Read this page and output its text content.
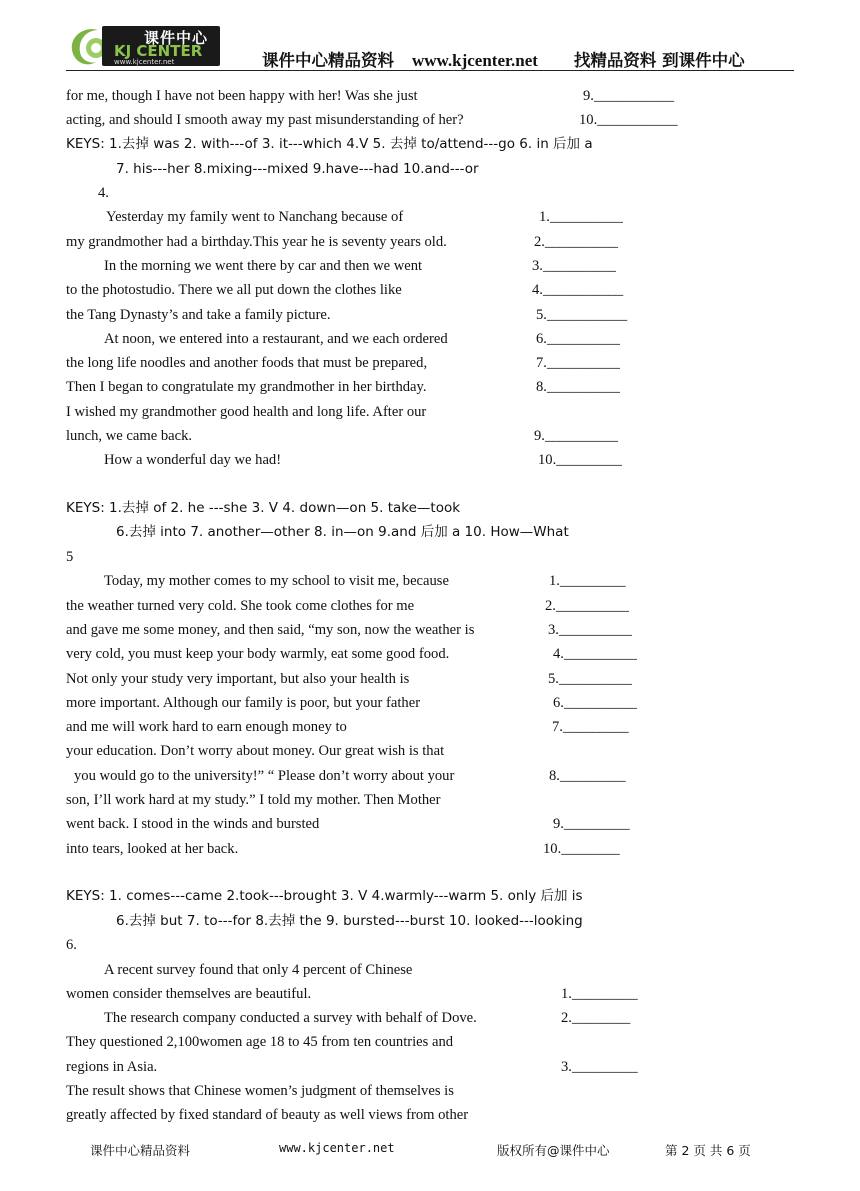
课件中心
KJ CENTER
www.kjcenter.net	课件中心精品资料 www.kjcenter.net 找精品资料 到课件中心
for me, though I have not been happy with her! Was she just	9.___________
acting, and should I smooth away my past misunderstanding of her?	10.___________
KEYS: 1.去掉 was 2. with---of 3. it---which 4.V 5. 去掉 to/attend---go 6. in 后加 a
7. his---her 8.mixing---mixed 9.have---had 10.and---or
4.
Yesterday my family went to Nanchang because of	1.__________
my grandmother had a birthday.This year he is seventy years old.	2.__________
In the morning we went there by car and then we went	3.__________
to the photostudio. There we all put down the clothes like	4.___________
the Tang Dynasty’s and take a family picture.	5.___________
At noon, we entered into a restaurant, and we each ordered	6.__________
the long life noodles and another foods that must be prepared,	7.__________
Then I began to congratulate my grandmother in her birthday.	8.__________
I wished my grandmother good health and long life. After our
lunch, we came back.	9.__________
How a wonderful day we had!	10._________
KEYS: 1.去掉 of 2. he ---she 3. V 4. down—on 5. take—took
6.去掉 into 7. another—other 8. in—on 9.and 后加 a 10. How—What
5
Today, my mother comes to my school to visit me, because	1._________
the weather turned very cold. She took come clothes for me	2.__________
and gave me some money, and then said, “my son, now the weather is	3.__________
very cold, you must keep your body warmly, eat some good food.	4.__________
Not only your study very important, but also your health is	5.__________
more important. Although our family is poor, but your father	6.__________
and me will work hard to earn enough money to	7._________
your education. Don’t worry about money. Our great wish is that
you would go to the university!” “ Please don’t worry about your	8._________
son, I’ll work hard at my study.” I told my mother. Then Mother
went back. I stood in the winds and bursted	9._________
into tears, looked at her back.	10.________
KEYS: 1. comes---came 2.took---brought 3. V 4.warmly---warm 5. only 后加 is
6.去掉 but 7. to---for 8.去掉 the 9. bursted---burst 10. looked---looking
6.
A recent survey found that only 4 percent of Chinese
women consider themselves are beautiful.	1._________
The research company conducted a survey with behalf of Dove.	2.________
They questioned 2,100women age 18 to 45 from ten countries and
regions in Asia.	3._________
The result shows that Chinese women’s judgment of themselves is
greatly affected by fixed standard of beauty as well views from other
课件中心精品资料	www.kjcenter.net	版权所有@课件中心	第 2 页 共 6 页
